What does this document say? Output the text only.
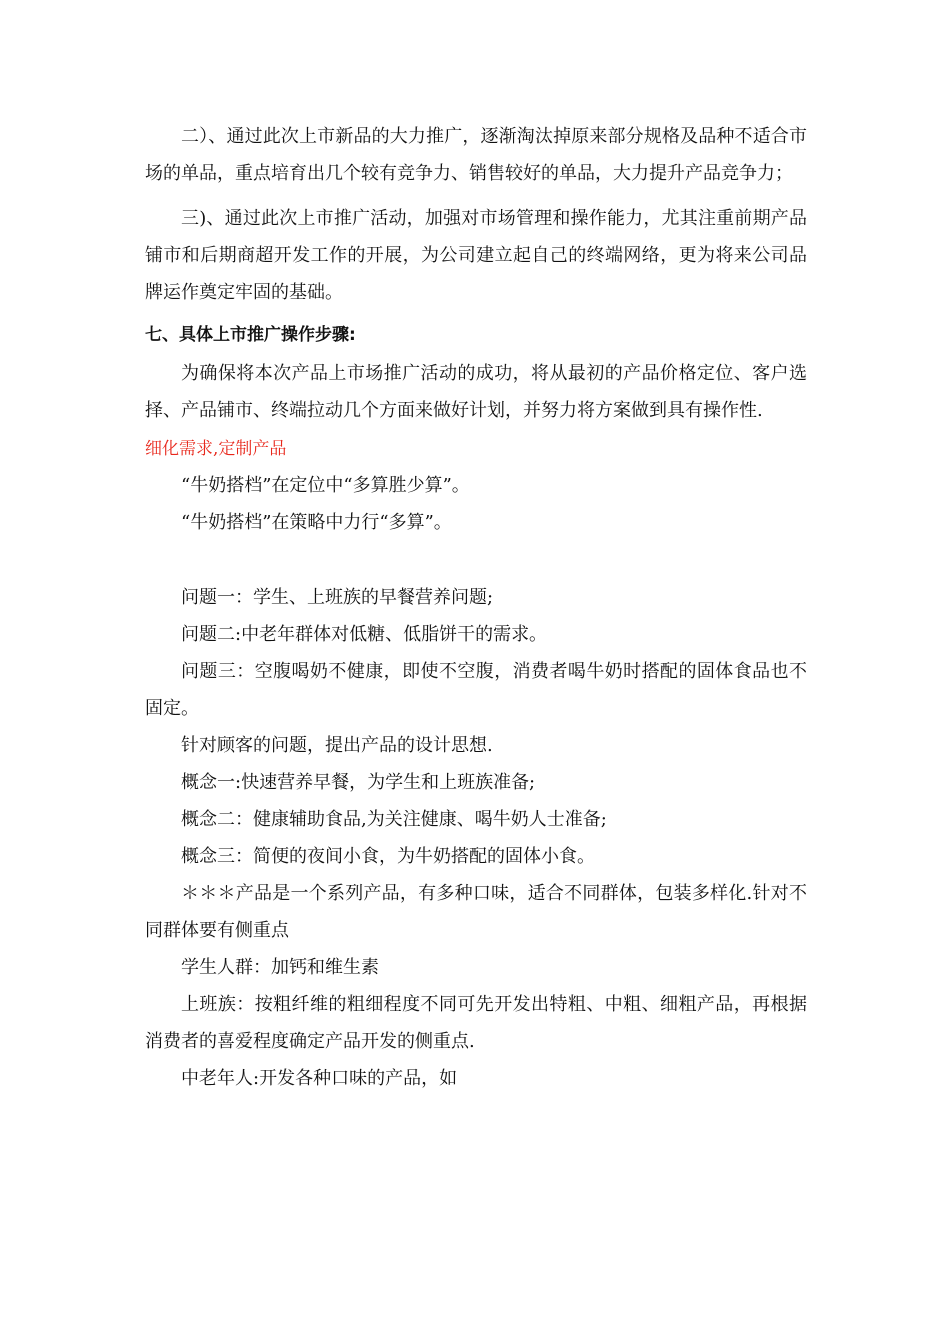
二）、通过此次上市新品的大力推广，逐渐淘汰掉原来部分规格及品种不适合市场的单品，重点培育出几个较有竞争力、销售较好的单品，大力提升产品竞争力；

三)、通过此次上市推广活动，加强对市场管理和操作能力，尤其注重前期产品铺市和后期商超开发工作的开展，为公司建立起自己的终端网络，更为将来公司品牌运作奠定牢固的基础。

七、具体上市推广操作步骤:

为确保将本次产品上市场推广活动的成功，将从最初的产品价格定位、客户选择、产品铺市、终端拉动几个方面来做好计划，并努力将方案做到具有操作性.

细化需求,定制产品

“牛奶搭档”在定位中“多算胜少算”。

“牛奶搭档”在策略中力行“多算”。

问题一：学生、上班族的早餐营养问题;

问题二:中老年群体对低糖、低脂饼干的需求。

问题三：空腹喝奶不健康，即使不空腹，消费者喝牛奶时搭配的固体食品也不固定。

针对顾客的问题，提出产品的设计思想.

概念一:快速营养早餐，为学生和上班族准备;

概念二：健康辅助食品,为关注健康、喝牛奶人士准备;

概念三：简便的夜间小食，为牛奶搭配的固体小食。

＊＊＊产品是一个系列产品，有多种口味，适合不同群体，包装多样化.针对不同群体要有侧重点

学生人群：加钙和维生素

上班族：按粗纤维的粗细程度不同可先开发出特粗、中粗、细粗产品，再根据消费者的喜爱程度确定产品开发的侧重点.

中老年人:开发各种口味的产品，如
